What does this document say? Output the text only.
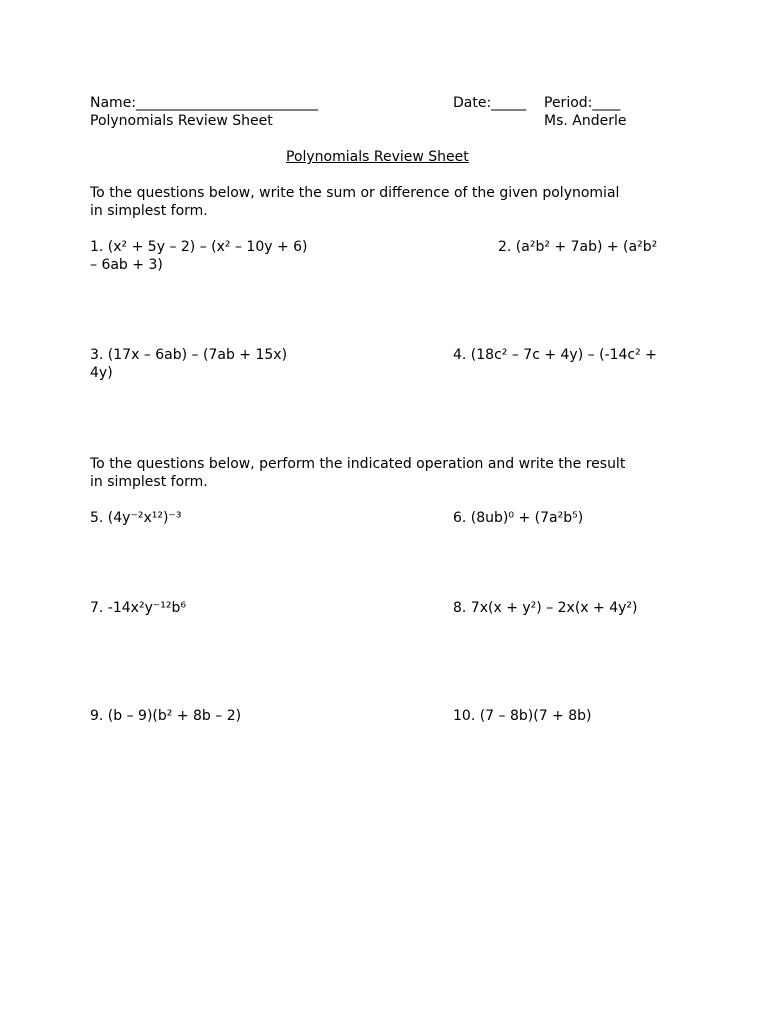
Name:__________________________	Date:_____ Period:____
Polynomials Review Sheet	Ms. Anderle
Polynomials Review Sheet
To the questions below, write the sum or difference of the given polynomial
in simplest form.
1. (x² + 5y – 2) – (x² – 10y + 6)	2. (a²b² + 7ab) + (a²b²
– 6ab + 3)
3. (17x – 6ab) – (7ab + 15x)	4. (18c² – 7c + 4y) – (-14c² +
4y)
To the questions below, perform the indicated operation and write the result
in simplest form.
5. (4y⁻²x¹²)⁻³	6. (8ub)⁰ + (7a²b⁵)
7. -14x²y⁻¹²b⁶	8. 7x(x + y²) – 2x(x + 4y²)
9. (b – 9)(b² + 8b – 2)	10. (7 – 8b)(7 + 8b)
